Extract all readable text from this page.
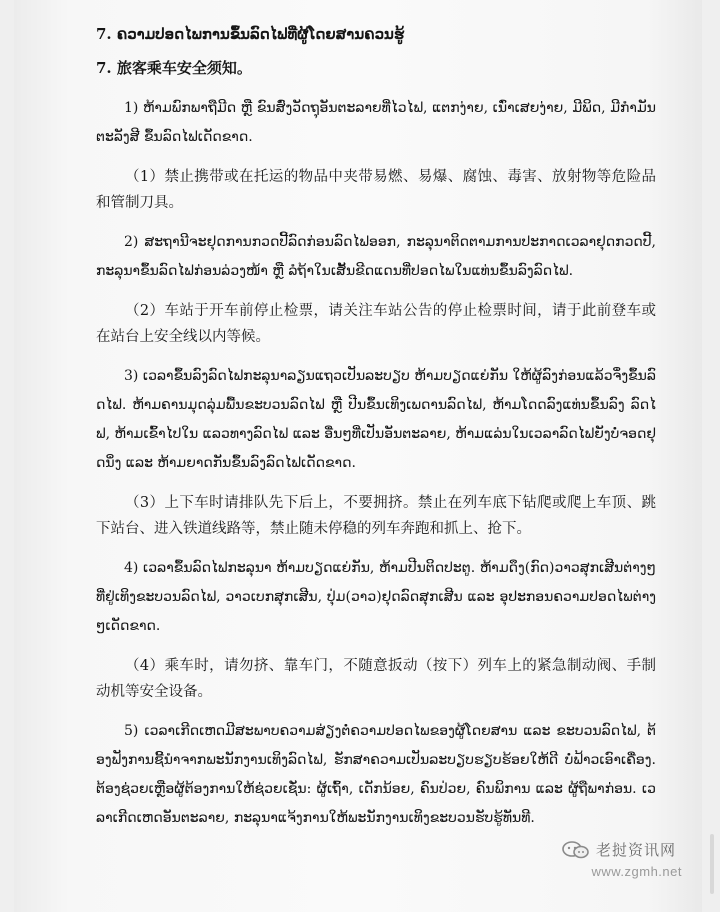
7. ຄວາມປອດໄພການຂຶ້ນລົດໄຟທີ່ຜູ້ໂດຍສານຄວນຮູ້
7. 旅客乘车安全须知。

1) ຫ້າມພົກພາຖືມີດ ຫຼື ຂົນສົ່ງວັດຖຸອັນຕະລາຍທີ່ໄວໄຟ, ແຕກງ່າຍ, ເນົ່າເສຍງ່າຍ, ມີພິດ, ມີກຳມັນຕະລັງສີ ຂຶ້ນລົດໄຟເດັດຂາດ.

（1）禁止携带或在托运的物品中夹带易燃、易爆、腐蚀、毒害、放射物等危险品和管制刀具。

2) ສະຖານີຈະຢຸດການກວດປີ້ລົດກ່ອນລົດໄຟອອກ, ກະລຸນາຕິດຕາມການປະກາດເວລາຢຸດກວດປີ້, ກະລຸນາຂຶ້ນລົດໄຟກ່ອນລ່ວງໜ້າ ຫຼື ລໍຖ້າໃນເສັ້ນຂີດແດນທີ່ປອດໄພໃນແທ່ນຂຶ້ນລົງລົດໄຟ.

（2）车站于开车前停止检票，请关注车站公告的停止检票时间，请于此前登车或在站台上安全线以内等候。

3) ເວລາຂຶ້ນລົງລົດໄຟກະລຸນາລຽນແຖວເປັນລະບຽບ ຫ້າມບຽດແຍ່ກັນ ໃຫ້ຜູ້ລົງກ່ອນແລ້ວຈຶ່ງຂຶ້ນລົດໄຟ. ຫ້າມຄານມຸດລຸ່ມພື້ນຂະບວນລົດໄຟ ຫຼື ປີນຂຶ້ນເທິງເພດານລົດໄຟ, ຫ້າມໂດດລົງແທ່ນຂຶ້ນລົງ ລົດໄຟ, ຫ້າມເຂົ້າໄປໃນ ແລວທາງລົດໄຟ ແລະ ອື່ນໆທີ່ເປັນອັນຕະລາຍ, ຫ້າມແລ່ນໃນເວລາລົດໄຟຍັງບໍ່ຈອດຢຸດນິ່ງ ແລະ ຫ້າມຍາດກັນຂຶ້ນລົງລົດໄຟເດັດຂາດ.

（3）上下车时请排队先下后上，不要拥挤。禁止在列车底下钻爬或爬上车顶、跳下站台、进入铁道线路等，禁止随未停稳的列车奔跑和抓上、抢下。

4) ເວລາຂຶ້ນລົດໄຟກະລຸນາ ຫ້າມບຽດແຍ່ກັນ, ຫ້າມປີນຕິດປະຕູ. ຫ້າມດຶງ(ກົດ)ວາວສຸກເສີນຕ່າງໆທີ່ຢູ່ເທິງຂະບວນລົດໄຟ, ວາວເບກສຸກເສີນ, ປຸ່ມ(ວາວ)ຢຸດລົດສຸກເສີນ ແລະ ອຸປະກອນຄວາມປອດໄພຕ່າງໆເດັດຂາດ.

（4）乘车时，请勿挤、靠车门，不随意扳动（按下）列车上的紧急制动阀、手制动机等安全设备。

5) ເວລາເກີດເຫດມີສະພາບຄວາມສ່ຽງຕໍ່ຄວາມປອດໄພຂອງຜູ້ໂດຍສານ ແລະ ຂະບວນລົດໄຟ, ຕ້ອງຟັງການຊີ້ນຳຈາກພະນັກງານເທິງລົດໄຟ, ຮັກສາຄວາມເປັນລະບຽບຮຽບຮ້ອຍໃຫ້ດີ ບໍ່ຟ້າວເອົາເຄື່ອງ. ຕ້ອງຊ່ວຍເຫຼືອຜູ້ຕ້ອງການໃຫ້ຊ່ວຍເຊັ່ນ: ຜູ້ເຖົ້າ, ເດັກນ້ອຍ, ຄົນປ່ວຍ, ຄົນພິການ ແລະ ຜູ້ຖືພາກ່ອນ. ເວລາເກີດເຫດອັນຕະລາຍ, ກະລຸນາແຈ້ງການໃຫ້ພະນັກງານເທິງຂະບວນຮັບຮູ້ທັນທີ.

老挝资讯网
www.zgmh.net
